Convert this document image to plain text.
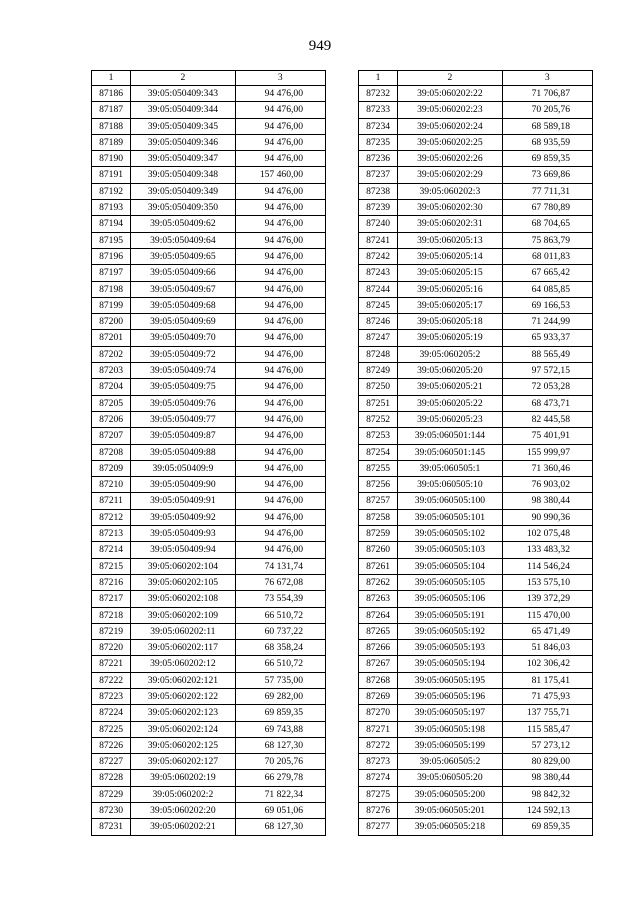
949
1	2	3
87186	39:05:050409:343	94 476,00
87187	39:05:050409:344	94 476,00
87188	39:05:050409:345	94 476,00
87189	39:05:050409:346	94 476,00
87190	39:05:050409:347	94 476,00
87191	39:05:050409:348	157 460,00
87192	39:05:050409:349	94 476,00
87193	39:05:050409:350	94 476,00
87194	39:05:050409:62	94 476,00
87195	39:05:050409:64	94 476,00
87196	39:05:050409:65	94 476,00
87197	39:05:050409:66	94 476,00
87198	39:05:050409:67	94 476,00
87199	39:05:050409:68	94 476,00
87200	39:05:050409:69	94 476,00
87201	39:05:050409:70	94 476,00
87202	39:05:050409:72	94 476,00
87203	39:05:050409:74	94 476,00
87204	39:05:050409:75	94 476,00
87205	39:05:050409:76	94 476,00
87206	39:05:050409:77	94 476,00
87207	39:05:050409:87	94 476,00
87208	39:05:050409:88	94 476,00
87209	39:05:050409:9	94 476,00
87210	39:05:050409:90	94 476,00
87211	39:05:050409:91	94 476,00
87212	39:05:050409:92	94 476,00
87213	39:05:050409:93	94 476,00
87214	39:05:050409:94	94 476,00
87215	39:05:060202:104	74 131,74
87216	39:05:060202:105	76 672,08
87217	39:05:060202:108	73 554,39
87218	39:05:060202:109	66 510,72
87219	39:05:060202:11	60 737,22
87220	39:05:060202:117	68 358,24
87221	39:05:060202:12	66 510,72
87222	39:05:060202:121	57 735,00
87223	39:05:060202:122	69 282,00
87224	39:05:060202:123	69 859,35
87225	39:05:060202:124	69 743,88
87226	39:05:060202:125	68 127,30
87227	39:05:060202:127	70 205,76
87228	39:05:060202:19	66 279,78
87229	39:05:060202:2	71 822,34
87230	39:05:060202:20	69 051,06
87231	39:05:060202:21	68 127,30
1	2	3
87232	39:05:060202:22	71 706,87
87233	39:05:060202:23	70 205,76
87234	39:05:060202:24	68 589,18
87235	39:05:060202:25	68 935,59
87236	39:05:060202:26	69 859,35
87237	39:05:060202:29	73 669,86
87238	39:05:060202:3	77 711,31
87239	39:05:060202:30	67 780,89
87240	39:05:060202:31	68 704,65
87241	39:05:060205:13	75 863,79
87242	39:05:060205:14	68 011,83
87243	39:05:060205:15	67 665,42
87244	39:05:060205:16	64 085,85
87245	39:05:060205:17	69 166,53
87246	39:05:060205:18	71 244,99
87247	39:05:060205:19	65 933,37
87248	39:05:060205:2	88 565,49
87249	39:05:060205:20	97 572,15
87250	39:05:060205:21	72 053,28
87251	39:05:060205:22	68 473,71
87252	39:05:060205:23	82 445,58
87253	39:05:060501:144	75 401,91
87254	39:05:060501:145	155 999,97
87255	39:05:060505:1	71 360,46
87256	39:05:060505:10	76 903,02
87257	39:05:060505:100	98 380,44
87258	39:05:060505:101	90 990,36
87259	39:05:060505:102	102 075,48
87260	39:05:060505:103	133 483,32
87261	39:05:060505:104	114 546,24
87262	39:05:060505:105	153 575,10
87263	39:05:060505:106	139 372,29
87264	39:05:060505:191	115 470,00
87265	39:05:060505:192	65 471,49
87266	39:05:060505:193	51 846,03
87267	39:05:060505:194	102 306,42
87268	39:05:060505:195	81 175,41
87269	39:05:060505:196	71 475,93
87270	39:05:060505:197	137 755,71
87271	39:05:060505:198	115 585,47
87272	39:05:060505:199	57 273,12
87273	39:05:060505:2	80 829,00
87274	39:05:060505:20	98 380,44
87275	39:05:060505:200	98 842,32
87276	39:05:060505:201	124 592,13
87277	39:05:060505:218	69 859,35
